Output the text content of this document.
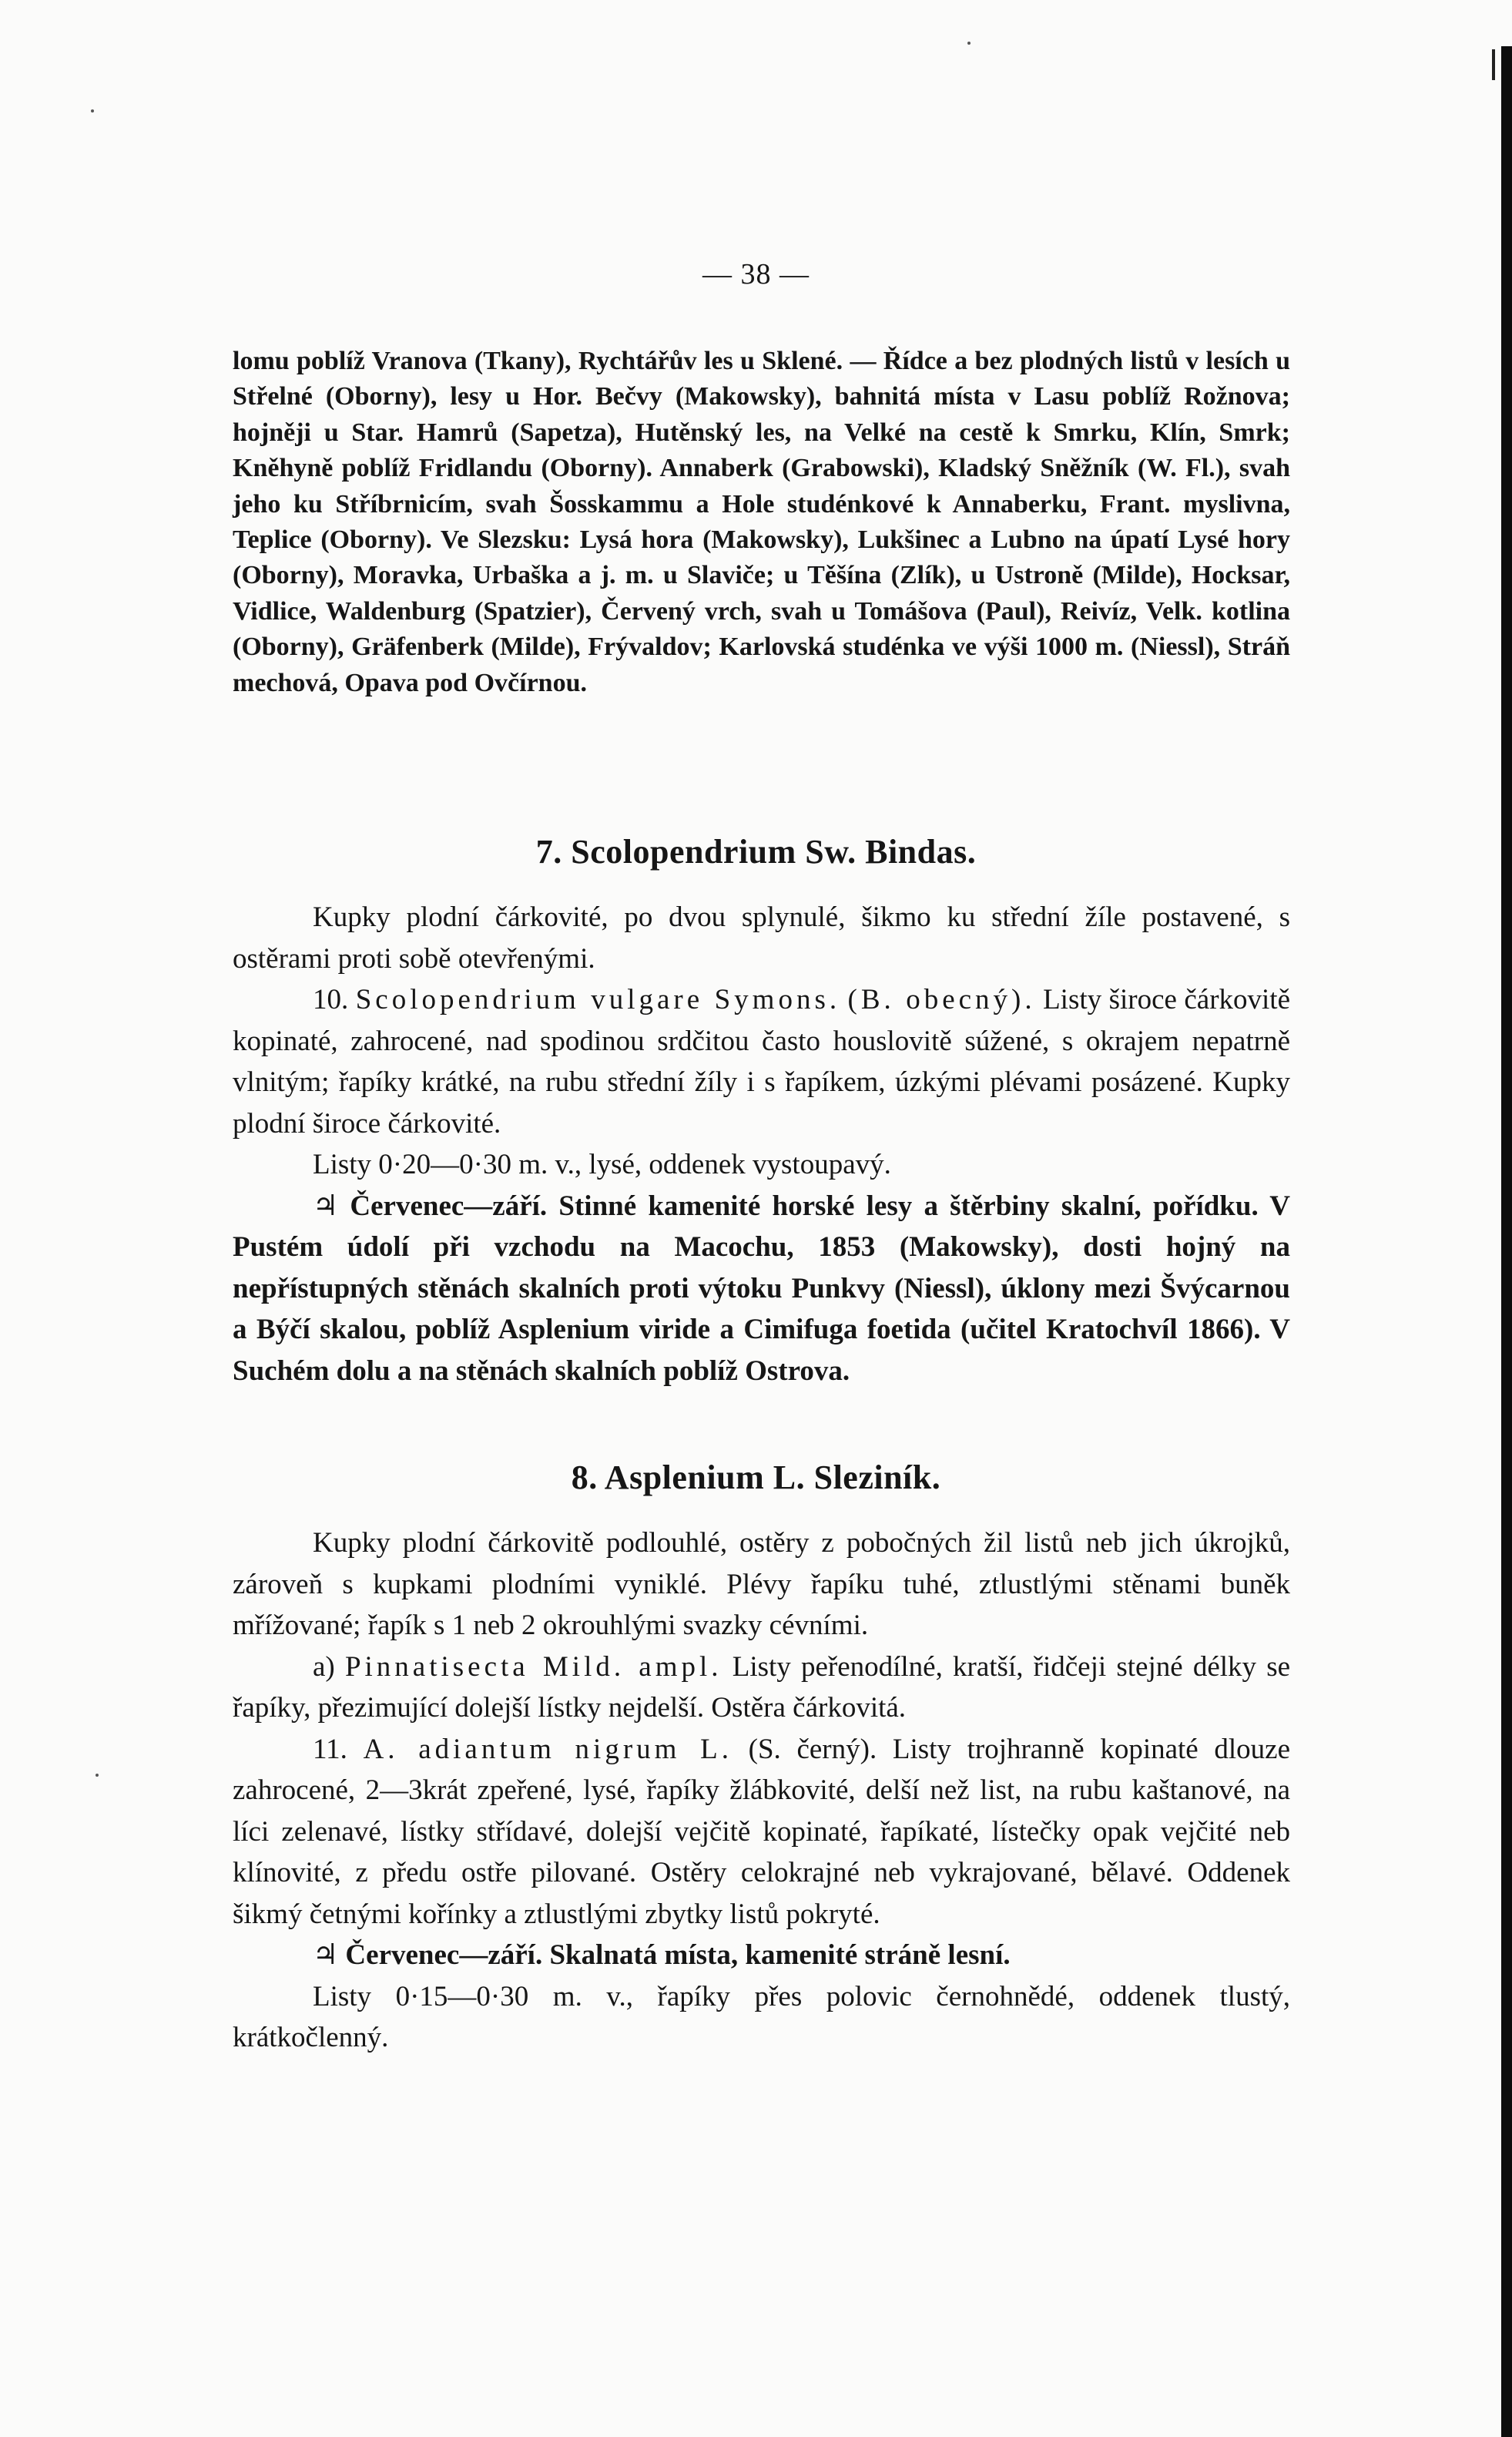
— 38 —

lomu poblíž Vranova (Tkany), Rychtářův les u Sklené. — Řídce a bez plodných listů v lesích u Střelné (Oborny), lesy u Hor. Bečvy (Makowsky), bahnitá místa v Lasu poblíž Rožnova; hojněji u Star. Hamrů (Sapetza), Hutěnský les, na Velké na cestě k Smrku, Klín, Smrk; Kněhyně poblíž Fridlandu (Oborny). Annaberk (Grabowski), Kladský Sněžník (W. Fl.), svah jeho ku Stříbrnicím, svah Šosskammu a Hole studénkové k Annaberku, Frant. myslivna, Teplice (Oborny). Ve Slezsku: Lysá hora (Makowsky), Lukšinec a Lubno na úpatí Lysé hory (Oborny), Moravka, Urbaška a j. m. u Slaviče; u Těšína (Zlík), u Ustroně (Milde), Hocksar, Vidlice, Waldenburg (Spatzier), Červený vrch, svah u Tomášova (Paul), Reivíz, Velk. kotlina (Oborny), Gräfenberk (Milde), Frývaldov; Karlovská studénka ve výši 1000 m. (Niessl), Stráň mechová, Opava pod Ovčírnou.

7. Scolopendrium Sw. Bindas.

Kupky plodní čárkovité, po dvou splynulé, šikmo ku střední žíle postavené, s ostěrami proti sobě otevřenými.

10. Scolopendrium vulgare Symons. (B. obecný). Listy široce čárkovitě kopinaté, zahrocené, nad spodinou srdčitou často houslovitě súžené, s okrajem nepatrně vlnitým; řapíky krátké, na rubu střední žíly i s řapíkem, úzkými plévami posázené. Kupky plodní široce čárkovité.

Listy 0·20—0·30 m. v., lysé, oddenek vystoupavý.

♃ Červenec—září. Stinné kamenité horské lesy a štěrbiny skalní, pořídku. V Pustém údolí při vzchodu na Macochu, 1853 (Makowsky), dosti hojný na nepřístupných stěnách skalních proti výtoku Punkvy (Niessl), úklony mezi Švýcarnou a Býčí skalou, poblíž Asplenium viride a Cimifuga foetida (učitel Kratochvíl 1866). V Suchém dolu a na stěnách skalních poblíž Ostrova.

8. Asplenium L. Sleziník.

Kupky plodní čárkovitě podlouhlé, ostěry z pobočných žil listů neb jich úkrojků, zároveň s kupkami plodními vyniklé. Plévy řapíku tuhé, ztlustlými stěnami buněk mřížované; řapík s 1 neb 2 okrouhlými svazky cévními.

a) Pinnatisecta Mild. ampl. Listy peřenodílné, kratší, řidčeji stejné délky se řapíky, přezimující dolejší lístky nejdelší. Ostěra čárkovitá.

11. A. adiantum nigrum L. (S. černý). Listy trojhranně kopinaté dlouze zahrocené, 2—3krát zpeřené, lysé, řapíky žlábkovité, delší než list, na rubu kaštanové, na líci zelenavé, lístky střídavé, dolejší vejčitě kopinaté, řapíkaté, lístečky opak vejčité neb klínovité, z předu ostře pilované. Ostěry celokrajné neb vykrajované, bělavé. Oddenek šikmý četnými kořínky a ztlustlými zbytky listů pokryté.

♃ Červenec—září. Skalnatá místa, kamenité stráně lesní.

Listy 0·15—0·30 m. v., řapíky přes polovic černohnědé, oddenek tlustý, krátkočlenný.
